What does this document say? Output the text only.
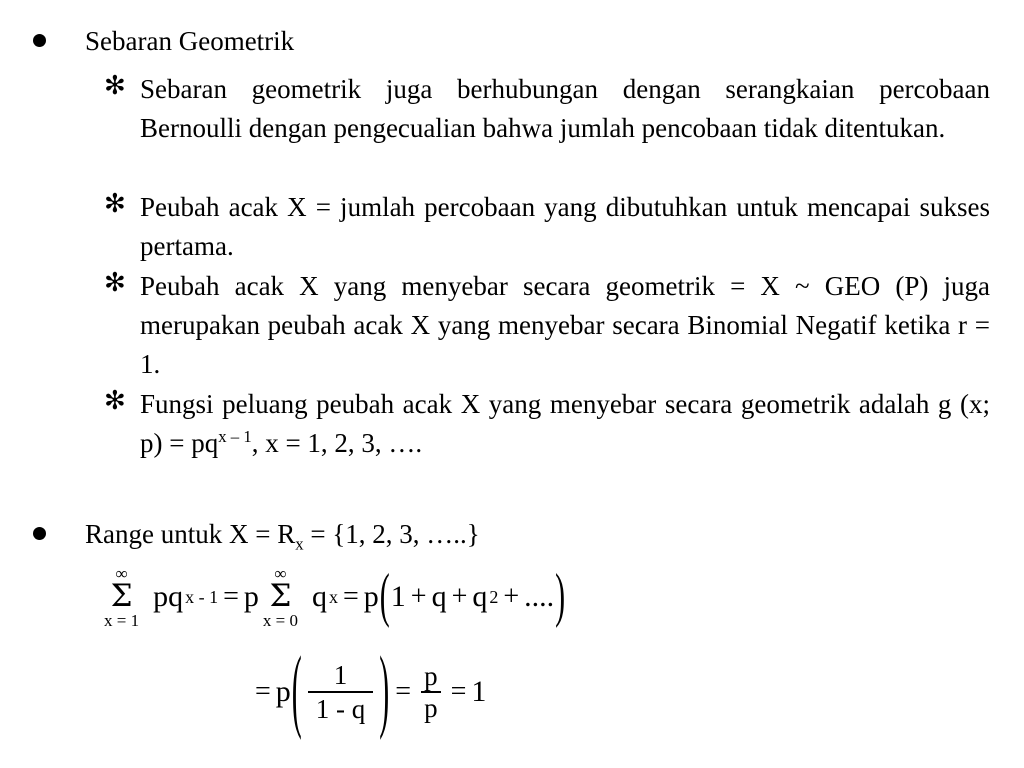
Sebaran Geometrik
✻ Sebaran geometrik juga berhubungan dengan serangkaian percobaan Bernoulli dengan pengecualian bahwa jumlah pencobaan tidak ditentukan.
✻ Peubah acak X = jumlah percobaan yang dibutuhkan untuk mencapai sukses pertama.
✻ Peubah acak X yang menyebar secara geometrik = X ~ GEO (P) juga merupakan peubah acak X yang menyebar secara Binomial Negatif ketika r = 1.
✻ Fungsi peluang peubah acak X yang menyebar secara geometrik adalah g (x; $p) = pq^{x - 1}$, x = 1, 2, 3, ….
Range untuk $X = R_x = \{1$, 2, 3, …..}
∞
Σ
x = 1
pq x - 1 = p
∞
Σ
x = 0
q x = p ( 1 + q + q 2 + .... )
= p ( $\frac{1}{1 - q}$ ) = $\frac{p}{p} = 1$
